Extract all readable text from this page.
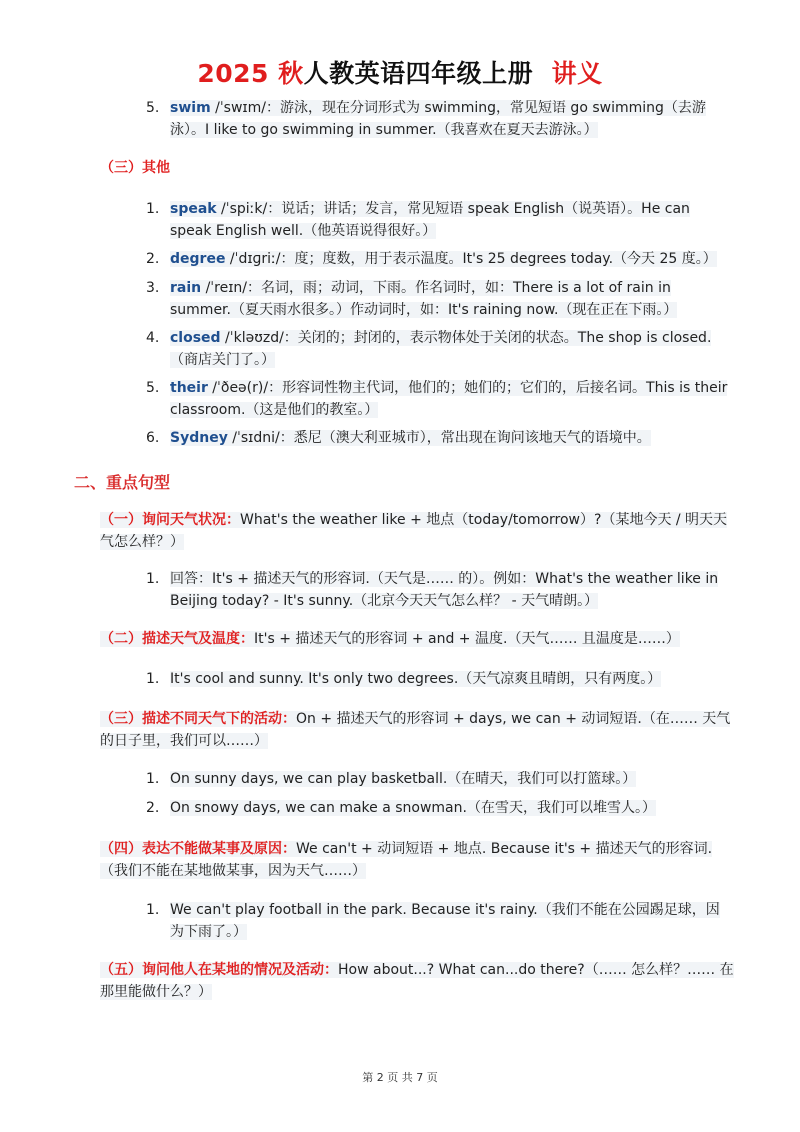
2025 秋人教英语四年级上册 讲义
5. swim /ˈswɪm/：游泳，现在分词形式为 swimming，常见短语 go swimming（去游泳）。I like to go swimming in summer.（我喜欢在夏天去游泳。）
（三）其他
1. speak /ˈspiːk/：说话；讲话；发言，常见短语 speak English（说英语）。He can speak English well.（他英语说得很好。）
2. degree /ˈdɪɡriː/：度；度数，用于表示温度。It's 25 degrees today.（今天 25 度。）
3. rain /ˈreɪn/：名词，雨；动词，下雨。作名词时，如：There is a lot of rain in summer.（夏天雨水很多。）作动词时，如：It's raining now.（现在正在下雨。）
4. closed /ˈkləʊzd/：关闭的；封闭的，表示物体处于关闭的状态。The shop is closed.（商店关门了。）
5. their /ˈðeə(r)/：形容词性物主代词，他们的；她们的；它们的，后接名词。This is their classroom.（这是他们的教室。）
6. Sydney /ˈsɪdni/：悉尼（澳大利亚城市），常出现在询问该地天气的语境中。
二、重点句型
（一）询问天气状况：What's the weather like + 地点（today/tomorrow）?（某地今天 / 明天天气怎么样？）
1. 回答：It's + 描述天气的形容词.（天气是…… 的）。例如：What's the weather like in Beijing today? - It's sunny.（北京今天天气怎么样？ - 天气晴朗。）
（二）描述天气及温度：It's + 描述天气的形容词 + and + 温度.（天气…… 且温度是……）
1. It's cool and sunny. It's only two degrees.（天气凉爽且晴朗，只有两度。）
（三）描述不同天气下的活动：On + 描述天气的形容词 + days, we can + 动词短语.（在…… 天气的日子里，我们可以……）
1. On sunny days, we can play basketball.（在晴天，我们可以打篮球。）
2. On snowy days, we can make a snowman.（在雪天，我们可以堆雪人。）
（四）表达不能做某事及原因：We can't + 动词短语 + 地点. Because it's + 描述天气的形容词.（我们不能在某地做某事，因为天气……）
1. We can't play football in the park. Because it's rainy.（我们不能在公园踢足球，因为下雨了。）
（五）询问他人在某地的情况及活动：How about...? What can...do there?（…… 怎么样？…… 在那里能做什么？）
第 2 页 共 7 页
